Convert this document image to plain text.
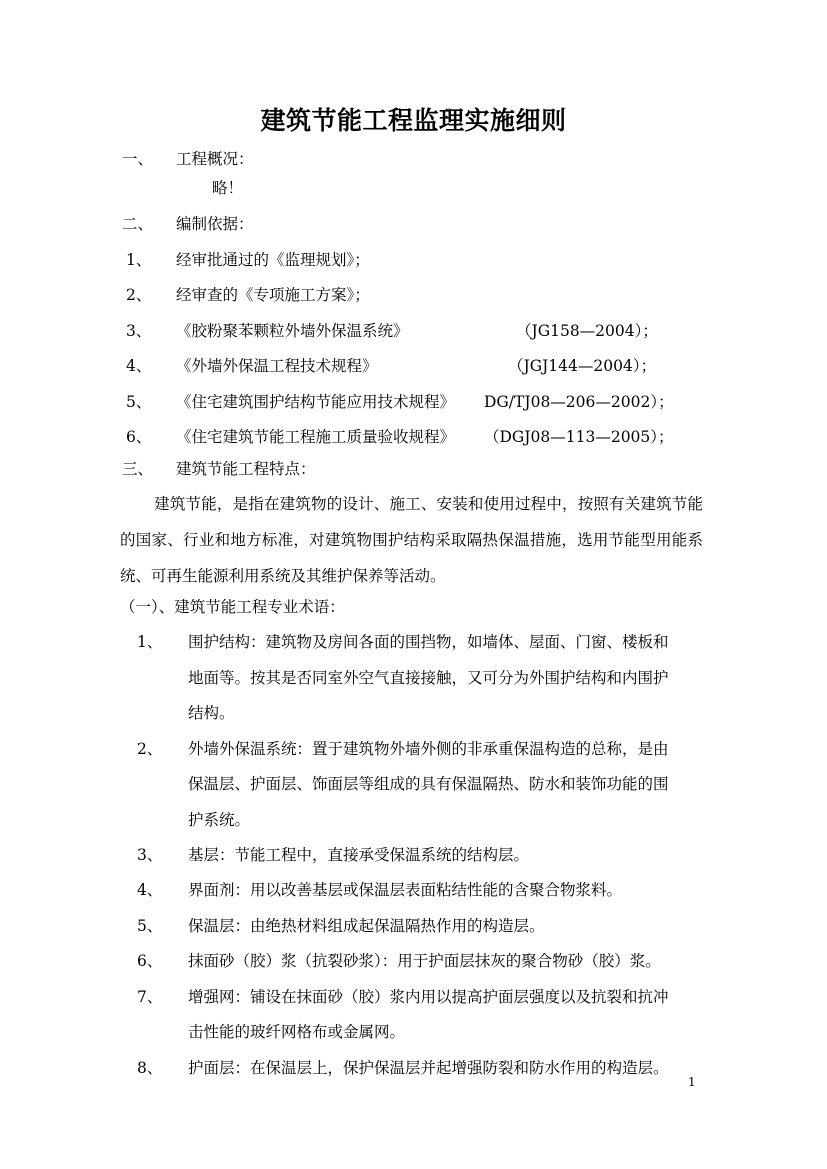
建筑节能工程监理实施细则
一、 工程概况：
略！
二、 编制依据：
1、 经审批通过的《监理规划》；
2、 经审查的《专项施工方案》；
3、 《胶粉聚苯颗粒外墙外保温系统》	（JG158—2004）；
4、 《外墙外保温工程技术规程》	（JGJ144—2004）；
5、 《住宅建筑围护结构节能应用技术规程》 DG/TJ08—206—2002）；
6、 《住宅建筑节能工程施工质量验收规程》 （DGJ08—113—2005）；
三、 建筑节能工程特点：
建筑节能，是指在建筑物的设计、施工、安装和使用过程中，按照有关建筑节能的国家、行业和地方标准，对建筑物围护结构采取隔热保温措施，选用节能型用能系统、可再生能源利用系统及其维护保养等活动。
（一）、建筑节能工程专业术语：
1、 围护结构：建筑物及房间各面的围挡物，如墙体、屋面、门窗、楼板和
地面等。按其是否同室外空气直接接触，又可分为外围护结构和内围护
结构。
2、 外墙外保温系统：置于建筑物外墙外侧的非承重保温构造的总称，是由
保温层、护面层、饰面层等组成的具有保温隔热、防水和装饰功能的围
护系统。
3、 基层：节能工程中，直接承受保温系统的结构层。
4、 界面剂：用以改善基层或保温层表面粘结性能的含聚合物浆料。
5、 保温层：由绝热材料组成起保温隔热作用的构造层。
6、 抹面砂（胶）浆（抗裂砂浆）：用于护面层抹灰的聚合物砂（胶）浆。
7、 增强网：铺设在抹面砂（胶）浆内用以提高护面层强度以及抗裂和抗冲
击性能的玻纤网格布或金属网。
8、 护面层：在保温层上，保护保温层并起增强防裂和防水作用的构造层。
1
